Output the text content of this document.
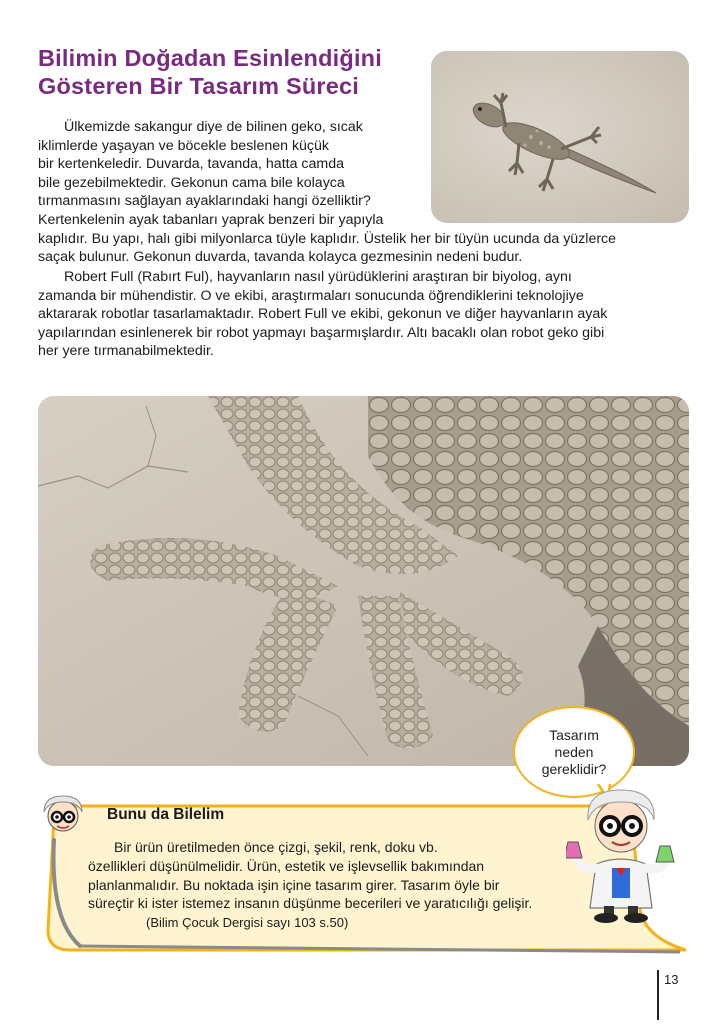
Bilimin Doğadan Esinlendiğini
Gösteren Bir Tasarım Süreci
Ülkemizde sakangur diye de bilinen geko, sıcak
iklimlerde yaşayan ve böcekle beslenen küçük
bir kertenkeledir. Duvarda, tavanda, hatta camda
bile gezebilmektedir. Gekonun cama bile kolayca
tırmanmasını sağlayan ayaklarındaki hangi özelliktir?
Kertenkelenin ayak tabanları yaprak benzeri bir yapıyla
kaplıdır. Bu yapı, halı gibi milyonlarca tüyle kaplıdır. Üstelik her bir tüyün ucunda da yüzlerce
saçak bulunur. Gekonun duvarda, tavanda kolayca gezmesinin nedeni budur.
Robert Full (Rabırt Ful), hayvanların nasıl yürüdüklerini araştıran bir biyolog, aynı
zamanda bir mühendistir. O ve ekibi, araştırmaları sonucunda öğrendiklerini teknolojiye
aktararak robotlar tasarlamaktadır. Robert Full ve ekibi, gekonun ve diğer hayvanların ayak
yapılarından esinlenerek bir robot yapmayı başarmışlardır. Altı bacaklı olan robot geko gibi
her yere tırmanabilmektedir.
Tasarım
neden
gereklidir?
Bunu da Bilelim
Bir ürün üretilmeden önce çizgi, şekil, renk, doku vb.
özellikleri düşünülmelidir. Ürün, estetik ve işlevsellik bakımından
planlanmalıdır. Bu noktada işin içine tasarım girer. Tasarım öyle bir
süreçtir ki ister istemez insanın düşünme becerileri ve yaratıcılığı gelişir.
(Bilim Çocuk Dergisi sayı 103 s.50)
13
